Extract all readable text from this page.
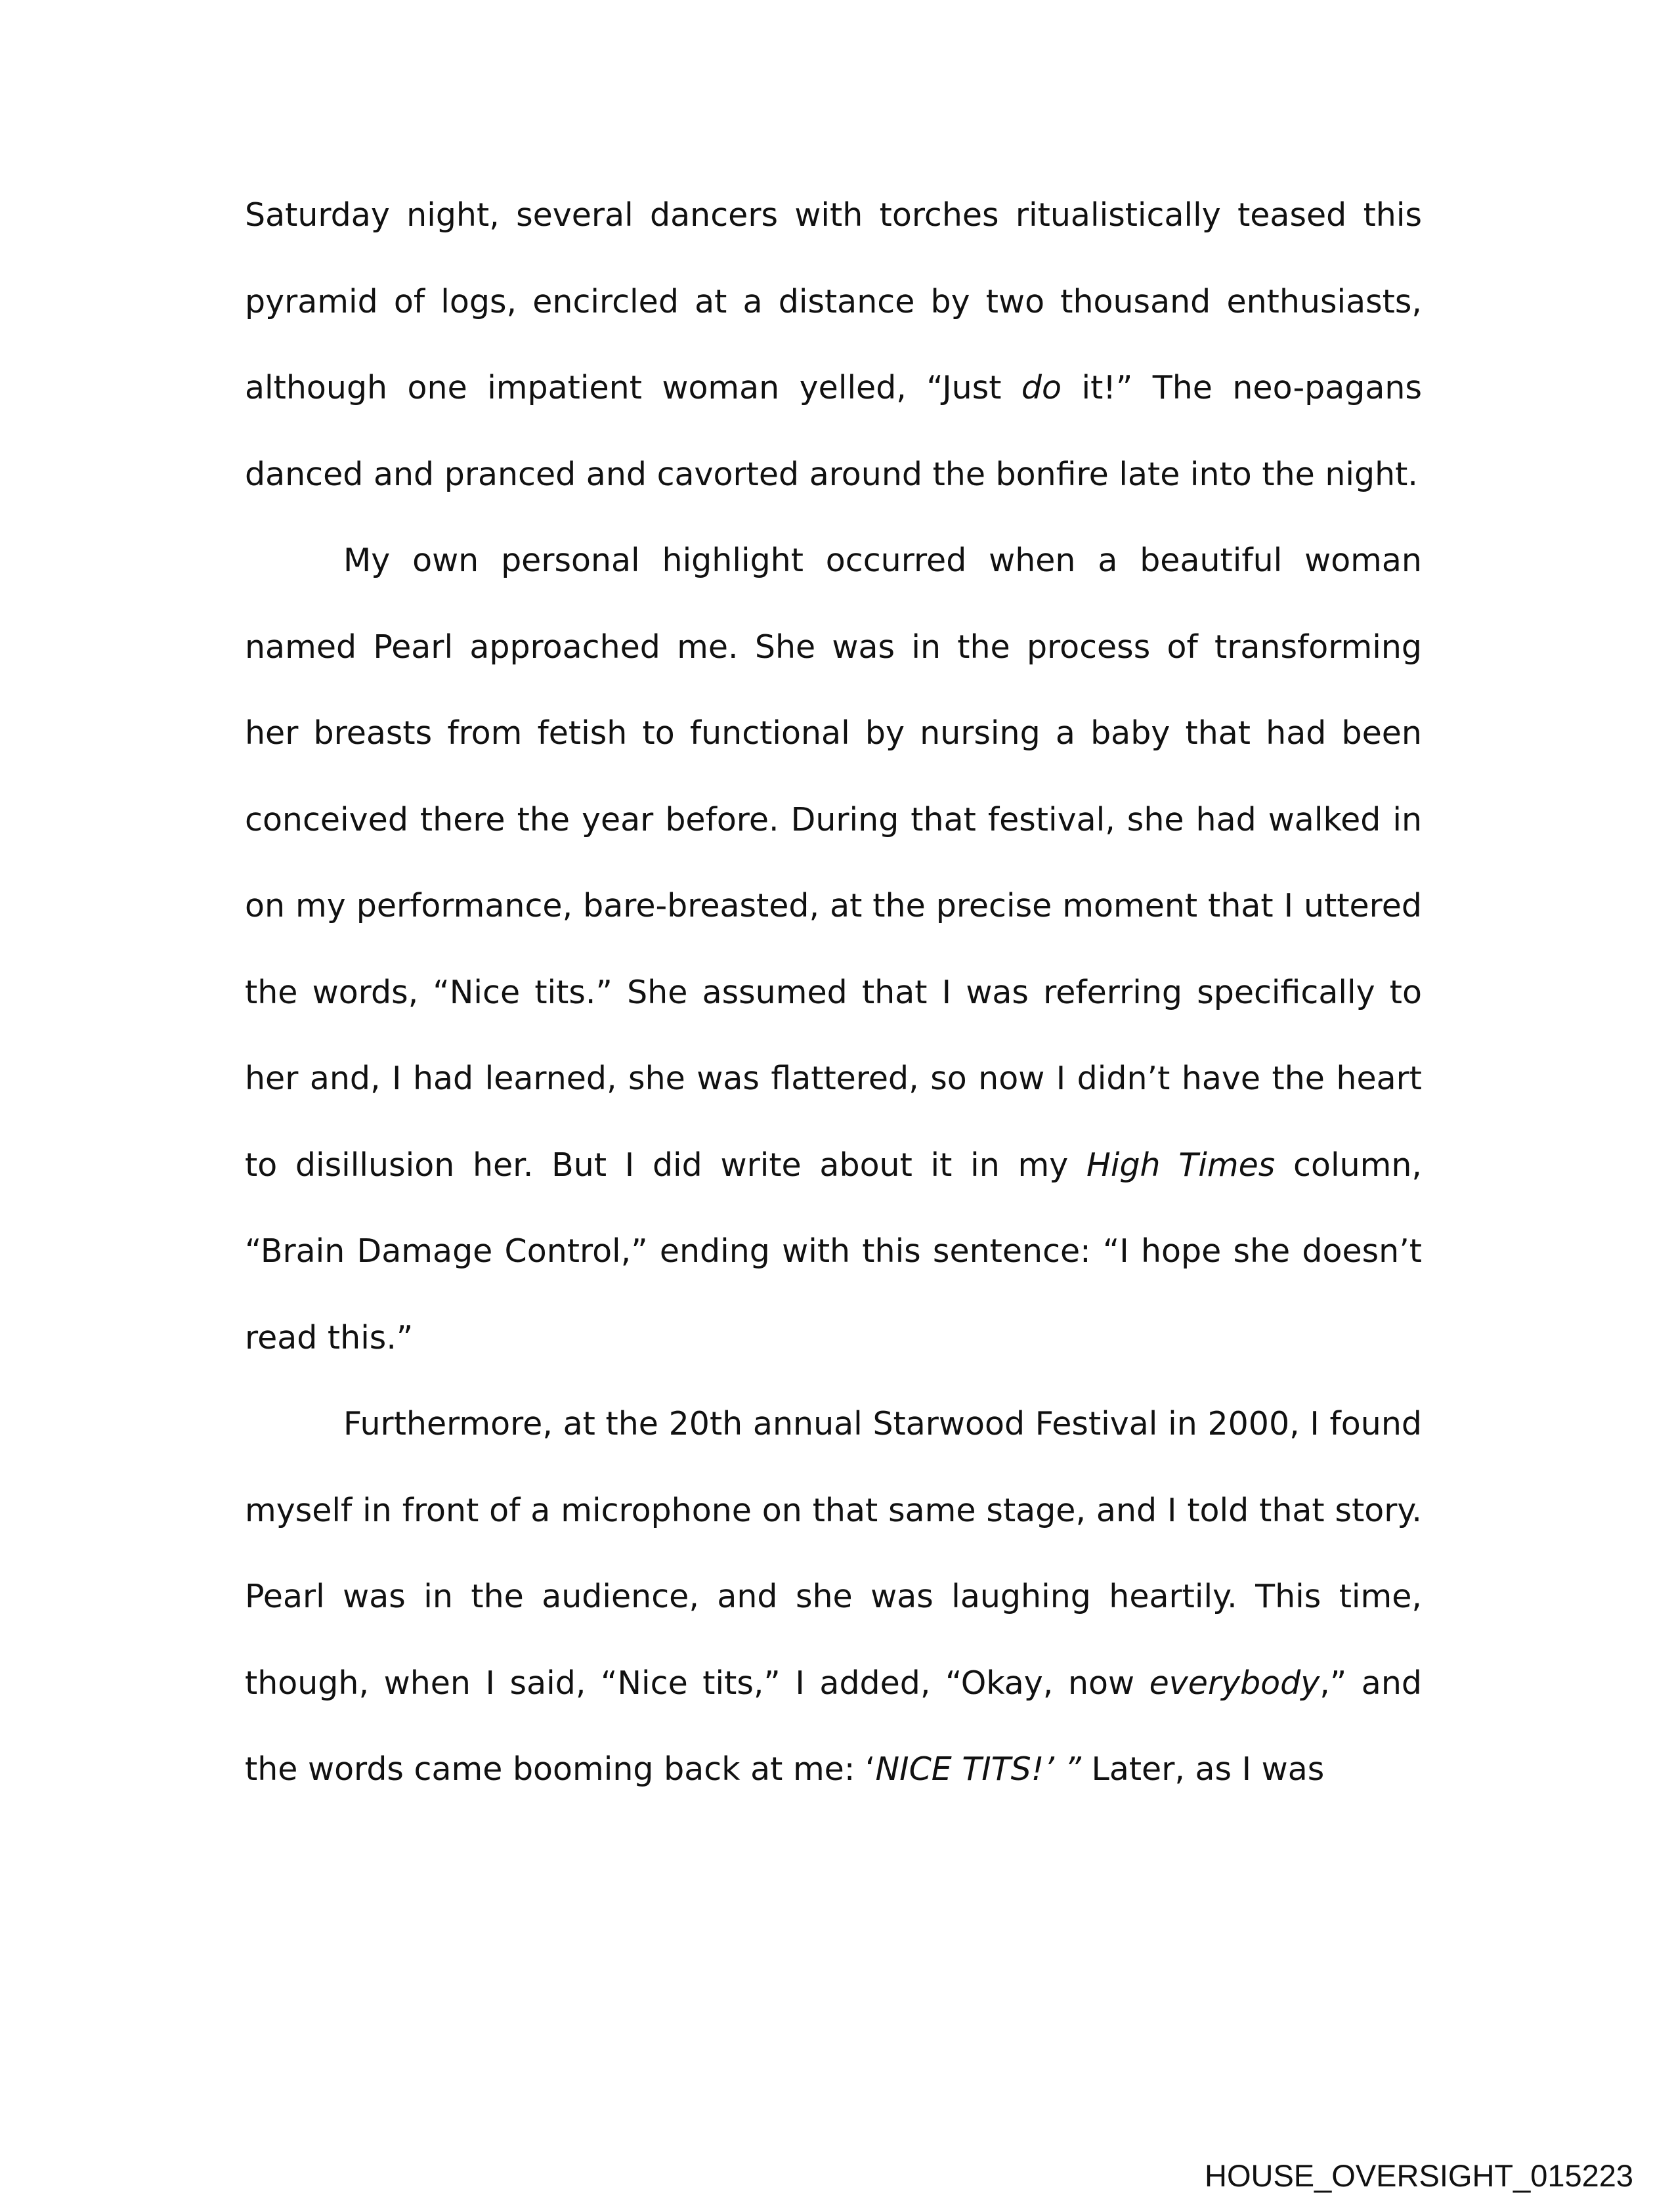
Saturday night, several dancers with torches ritualistically teased this pyramid of logs, encircled at a distance by two thousand enthusiasts, although one impatient woman yelled, “Just do it!” The neo-pagans danced and pranced and cavorted around the bonfire late into the night.

My own personal highlight occurred when a beautiful woman named Pearl approached me. She was in the process of transforming her breasts from fetish to functional by nursing a baby that had been conceived there the year before. During that festival, she had walked in on my performance, bare-breasted, at the precise moment that I uttered the words, “Nice tits.” She assumed that I was referring specifically to her and, I had learned, she was flattered, so now I didn’t have the heart to disillusion her. But I did write about it in my High Times column, “Brain Damage Control,” ending with this sentence: “I hope she doesn’t read this.”

Furthermore, at the 20th annual Starwood Festival in 2000, I found myself in front of a microphone on that same stage, and I told that story. Pearl was in the audience, and she was laughing heartily. This time, though, when I said, “Nice tits,” I added, “Okay, now everybody,” and the words came booming back at me: ‘NICE TITS!’ ” Later, as I was

HOUSE_OVERSIGHT_015223
